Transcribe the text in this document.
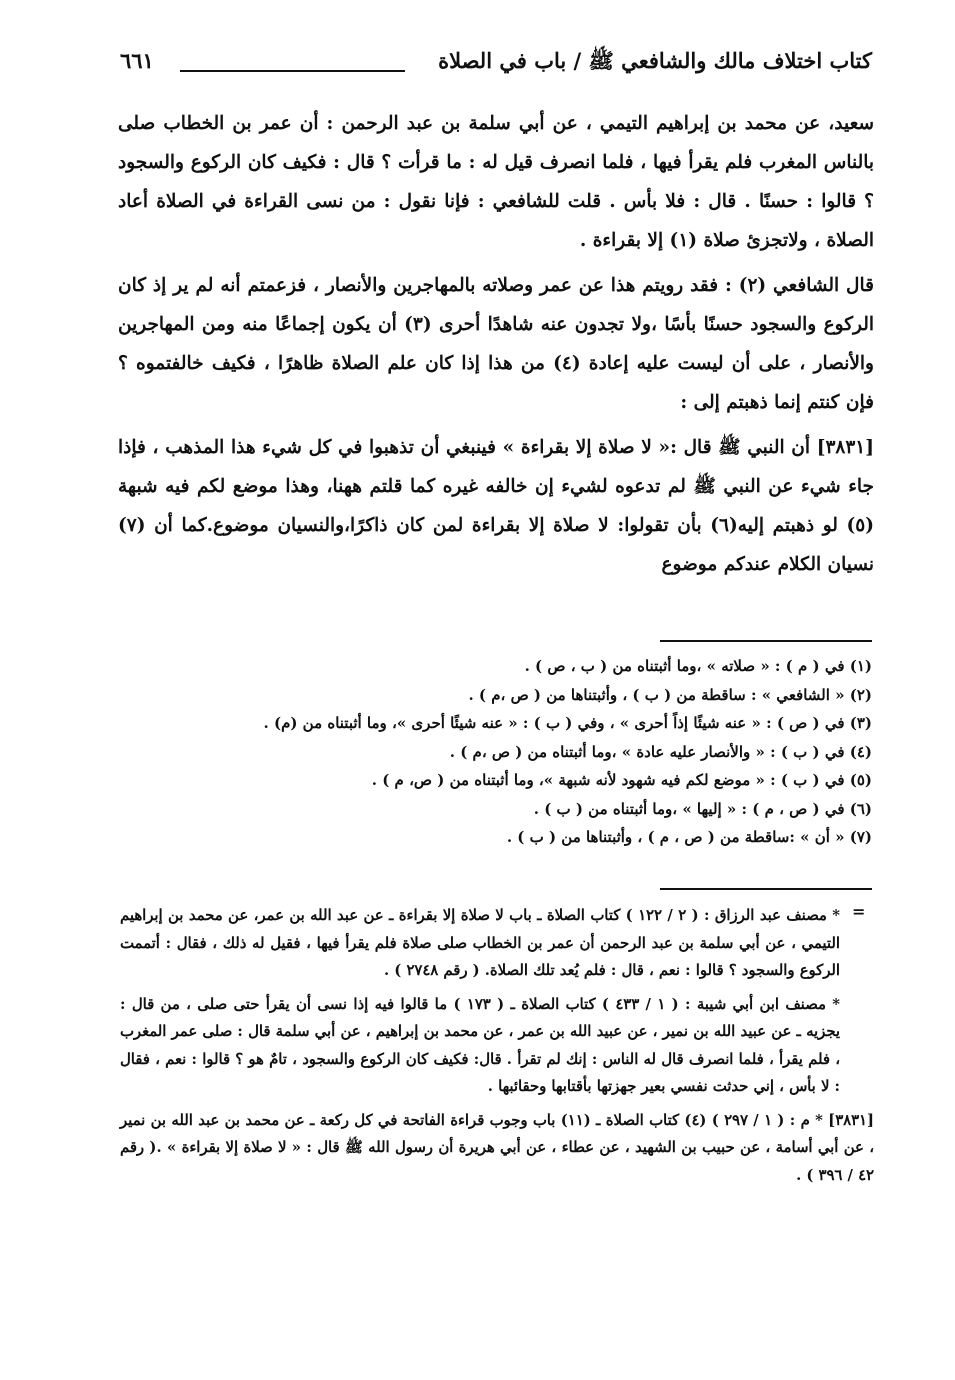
كتاب اختلاف مالك والشافعي ﷺ / باب في الصلاة
٦٦١

سعيد، عن محمد بن إبراهيم التيمي ، عن أبي سلمة بن عبد الرحمن : أن عمر بن الخطاب صلى بالناس المغرب فلم يقرأ فيها ، فلما انصرف قيل له : ما قرأت ؟ قال : فكيف كان الركوع والسجود ؟ قالوا : حسنًا . قال : فلا بأس . قلت للشافعي : فإنا نقول : من نسى القراءة في الصلاة أعاد الصلاة ، ولاتجزئ صلاة (١) إلا بقراءة .

قال الشافعي (٢) : فقد رويتم هذا عن عمر وصلاته بالمهاجرين والأنصار ، فزعمتم أنه لم ير إذ كان الركوع والسجود حسنًا بأسًا ،ولا تجدون عنه شاهدًا أحرى (٣) أن يكون إجماعًا منه ومن المهاجرين والأنصار ، على أن ليست عليه إعادة (٤) من هذا إذا كان علم الصلاة ظاهرًا ، فكيف خالفتموه ؟ فإن كنتم إنما ذهبتم إلى :

[٣٨٣١] أن النبي ﷺ قال :« لا صلاة إلا بقراءة » فينبغي أن تذهبوا في كل شيء هذا المذهب ، فإذا جاء شيء عن النبي ﷺ لم تدعوه لشيء إن خالفه غيره كما قلتم ههنا، وهذا موضع لكم فيه شبهة (٥) لو ذهبتم إليه(٦) بأن تقولوا: لا صلاة إلا بقراءة لمن كان ذاكرًا،والنسيان موضوع.كما أن (٧) نسيان الكلام عندكم موضوع

(١) في ( م ) : « صلاته » ،وما أثبتناه من ( ب ، ص ) .
(٢) « الشافعي » : ساقطة من ( ب ) ، وأثبتناها من ( ص ،م ) .
(٣) في ( ص ) : « عنه شيئًا إذاً أحرى » ، وفي ( ب ) : « عنه شيئًا أحرى »، وما أثبتناه من (م) .
(٤) في ( ب ) : « والأنصار عليه عادة » ،وما أثبتناه من ( ص ،م ) .
(٥) في ( ب ) : « موضع لكم فيه شهود لأنه شبهة »، وما أثبتناه من ( ص، م ) .
(٦) في ( ص ، م ) : « إليها » ،وما أثبتناه من ( ب ) .
(٧) « أن » :ساقطة من ( ص ، م ) ، وأثبتناها من ( ب ) .
=

* مصنف عبد الرزاق : ( ٢ / ١٢٢ ) كتاب الصلاة ـ باب لا صلاة إلا بقراءة ـ عن عبد الله بن عمر، عن محمد بن إبراهيم التيمي ، عن أبي سلمة بن عبد الرحمن أن عمر بن الخطاب صلى صلاة فلم يقرأ فيها ، فقيل له ذلك ، فقال : أتممت الركوع والسجود ؟ قالوا : نعم ، قال : فلم يُعد تلك الصلاة. ( رقم ٢٧٤٨ ) .

* مصنف ابن أبي شيبة : ( ١ / ٤٣٣ ) كتاب الصلاة ـ ( ١٧٣ ) ما قالوا فيه إذا نسى أن يقرأ حتى صلى ، من قال : يجزيه ـ عن عبيد الله بن نمير ، عن عبيد الله بن عمر ، عن محمد بن إبراهيم ، عن أبي سلمة قال : صلى عمر المغرب ، فلم يقرأ ، فلما انصرف قال له الناس : إنك لم تقرأ . قال: فكيف كان الركوع والسجود ، تامٌ هو ؟ قالوا : نعم ، فقال : لا بأس ، إني حدثت نفسي بعير جهزتها بأقتابها وحقائبها .

[٣٨٣١] * م : ( ١ / ٢٩٧ ) (٤) كتاب الصلاة ـ (١١) باب وجوب قراءة الفاتحة في كل ركعة ـ عن محمد بن عبد الله بن نمير ، عن أبي أسامة ، عن حبيب بن الشهيد ، عن عطاء ، عن أبي هريرة أن رسول الله ﷺ قال : « لا صلاة إلا بقراءة » .( رقم ٤٢ / ٣٩٦ ) .
